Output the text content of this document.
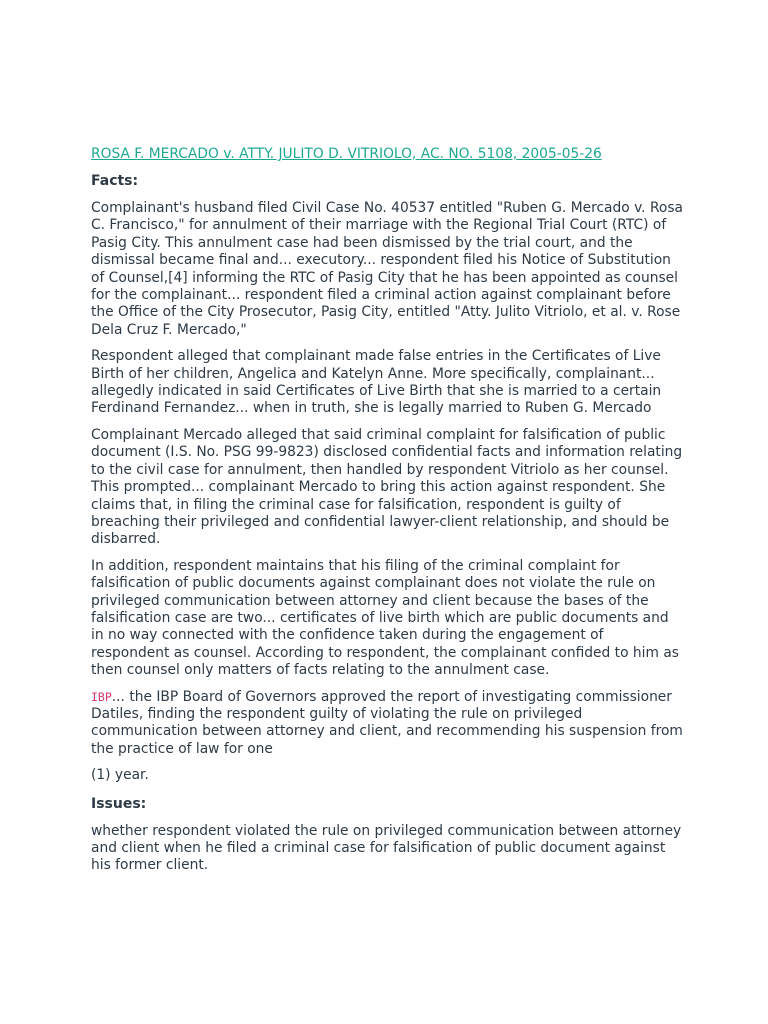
ROSA F. MERCADO v. ATTY. JULITO D. VITRIOLO, AC. NO. 5108, 2005-05-26
Facts:

Complainant's husband filed Civil Case No. 40537 entitled "Ruben G. Mercado v. Rosa C. Francisco," for annulment of their marriage with the Regional Trial Court (RTC) of Pasig City. This annulment case had been dismissed by the trial court, and the dismissal became final and... executory... respondent filed his Notice of Substitution of Counsel,[4] informing the RTC of Pasig City that he has been appointed as counsel for the complainant... respondent filed a criminal action against complainant before the Office of the City Prosecutor, Pasig City, entitled "Atty. Julito Vitriolo, et al. v. Rose Dela Cruz F. Mercado,"

Respondent alleged that complainant made false entries in the Certificates of Live Birth of her children, Angelica and Katelyn Anne. More specifically, complainant... allegedly indicated in said Certificates of Live Birth that she is married to a certain Ferdinand Fernandez... when in truth, she is legally married to Ruben G. Mercado

Complainant Mercado alleged that said criminal complaint for falsification of public document (I.S. No. PSG 99-9823) disclosed confidential facts and information relating to the civil case for annulment, then handled by respondent Vitriolo as her counsel. This prompted... complainant Mercado to bring this action against respondent. She claims that, in filing the criminal case for falsification, respondent is guilty of breaching their privileged and confidential lawyer-client relationship, and should be disbarred.

In addition, respondent maintains that his filing of the criminal complaint for falsification of public documents against complainant does not violate the rule on privileged communication between attorney and client because the bases of the falsification case are two... certificates of live birth which are public documents and in no way connected with the confidence taken during the engagement of respondent as counsel. According to respondent, the complainant confided to him as then counsel only matters of facts relating to the annulment case.

IBP... the IBP Board of Governors approved the report of investigating commissioner Datiles, finding the respondent guilty of violating the rule on privileged communication between attorney and client, and recommending his suspension from the practice of law for one

(1) year.

Issues:

whether respondent violated the rule on privileged communication between attorney and client when he filed a criminal case for falsification of public document against his former client.
